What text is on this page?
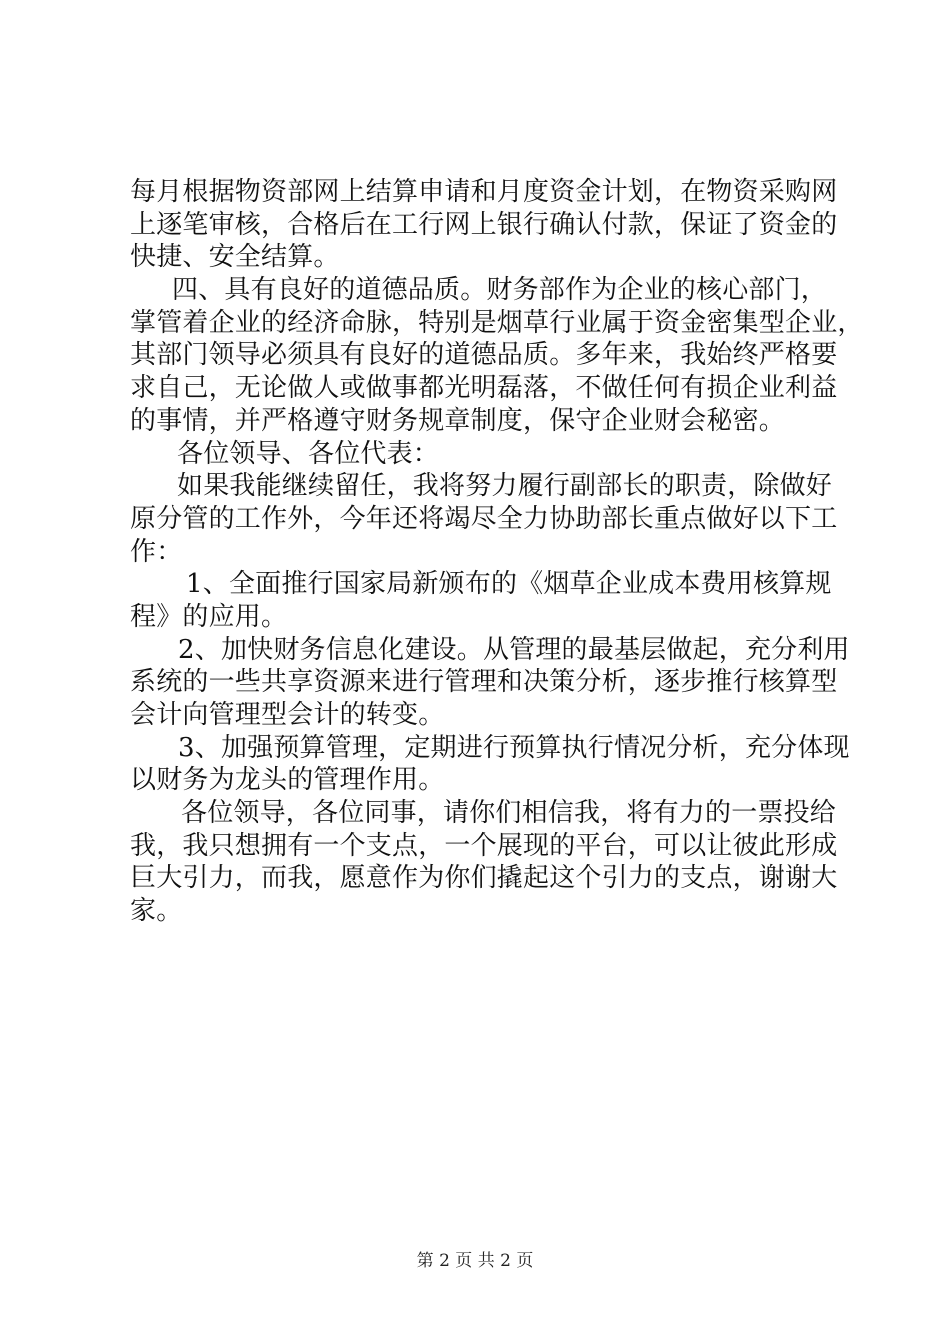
每月根据物资部网上结算申请和月度资金计划，在物资采购网
上逐笔审核，合格后在工行网上银行确认付款，保证了资金的
快捷、安全结算。
四、具有良好的道德品质。财务部作为企业的核心部门，
掌管着企业的经济命脉，特别是烟草行业属于资金密集型企业，
其部门领导必须具有良好的道德品质。多年来，我始终严格要
求自己，无论做人或做事都光明磊落，不做任何有损企业利益
的事情，并严格遵守财务规章制度，保守企业财会秘密。
各位领导、各位代表：
如果我能继续留任，我将努力履行副部长的职责，除做好
原分管的工作外，今年还将竭尽全力协助部长重点做好以下工
作：
1、全面推行国家局新颁布的《烟草企业成本费用核算规
程》的应用。
2、加快财务信息化建设。从管理的最基层做起，充分利用
系统的一些共享资源来进行管理和决策分析，逐步推行核算型
会计向管理型会计的转变。
3、加强预算管理，定期进行预算执行情况分析，充分体现
以财务为龙头的管理作用。
各位领导，各位同事，请你们相信我，将有力的一票投给
我，我只想拥有一个支点，一个展现的平台，可以让彼此形成
巨大引力，而我，愿意作为你们撬起这个引力的支点，谢谢大
家。
第 2 页 共 2 页
